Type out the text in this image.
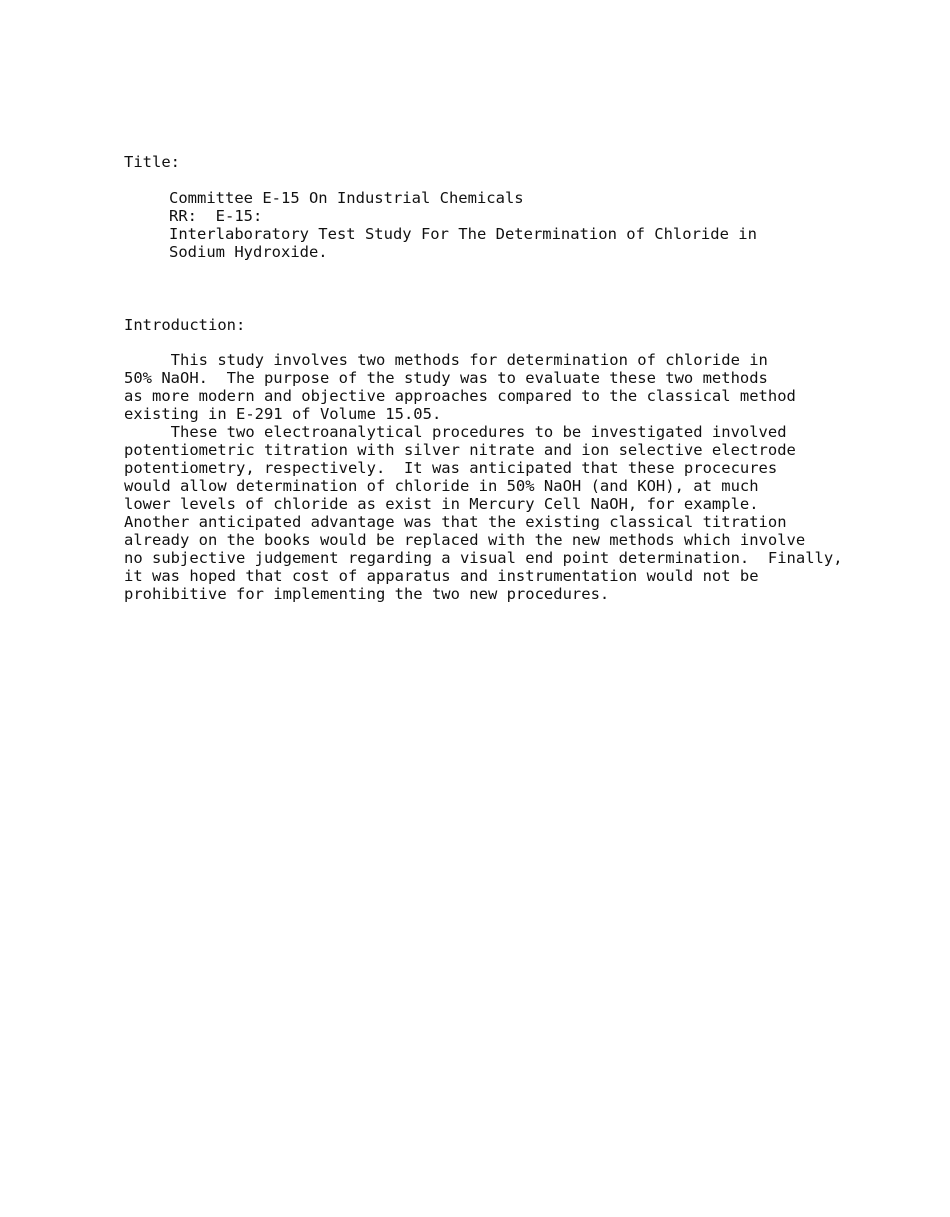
Title:
Committee E-15 On Industrial Chemicals
RR:  E-15:
Interlaboratory Test Study For The Determination of Chloride in
Sodium Hydroxide.
Introduction:
This study involves two methods for determination of chloride in
50% NaOH.  The purpose of the study was to evaluate these two methods
as more modern and objective approaches compared to the classical method
existing in E-291 of Volume 15.05.
These two electroanalytical procedures to be investigated involved
potentiometric titration with silver nitrate and ion selective electrode
potentiometry, respectively.  It was anticipated that these procecures
would allow determination of chloride in 50% NaOH (and KOH), at much
lower levels of chloride as exist in Mercury Cell NaOH, for example.
Another anticipated advantage was that the existing classical titration
already on the books would be replaced with the new methods which involve
no subjective judgement regarding a visual end point determination.  Finally,
it was hoped that cost of apparatus and instrumentation would not be
prohibitive for implementing the two new procedures.
